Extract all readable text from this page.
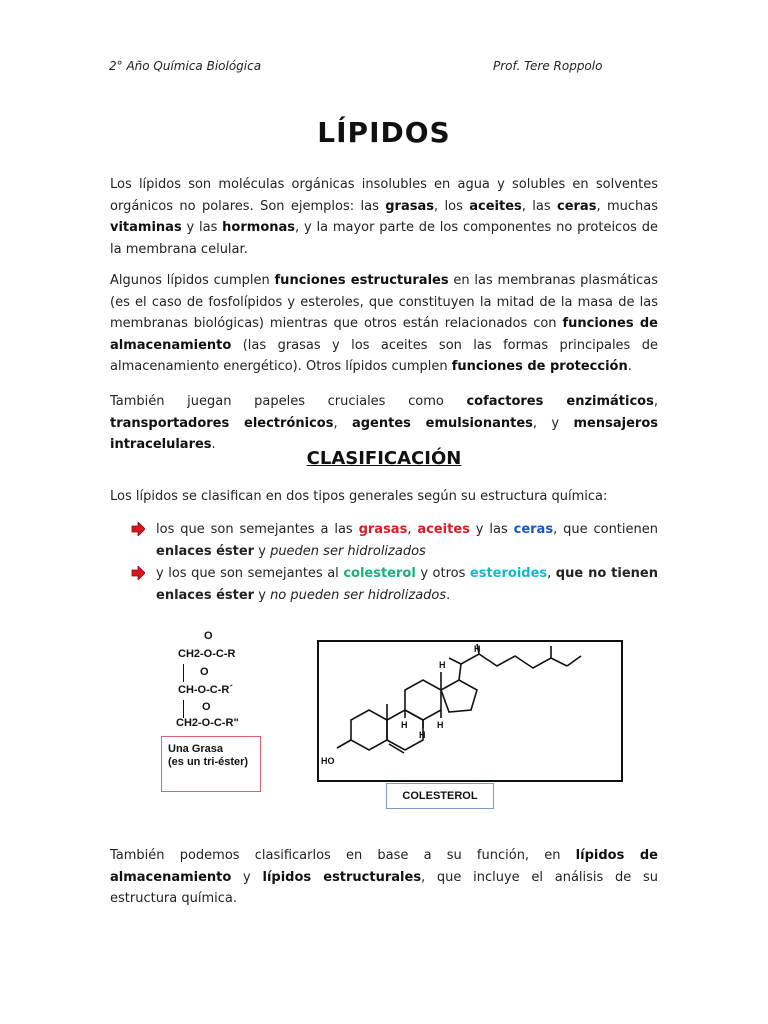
2° Año Química Biológica	Prof. Tere Roppolo
LÍPIDOS
Los lípidos son moléculas orgánicas insolubles en agua y solubles en solventes orgánicos no polares. Son ejemplos: las grasas, los aceites, las ceras, muchas vitaminas y las hormonas, y la mayor parte de los componentes no proteicos de la membrana celular.
Algunos lípidos cumplen funciones estructurales en las membranas plasmáticas (es el caso de fosfolípidos y esteroles, que constituyen la mitad de la masa de las membranas biológicas) mientras que otros están relacionados con funciones de almacenamiento (las grasas y los aceites son las formas principales de almacenamiento energético). Otros lípidos cumplen funciones de protección.
También juegan papeles cruciales como cofactores enzimáticos, transportadores electrónicos, agentes emulsionantes, y mensajeros intracelulares.
CLASIFICACIÓN
Los lípidos se clasifican en dos tipos generales según su estructura química:
los que son semejantes a las grasas, aceites y las ceras, que contienen enlaces éster y pueden ser hidrolizados
y los que son semejantes al colesterol y otros esteroides, que no tienen enlaces éster y no pueden ser hidrolizados.
O
CH2-O-C-R
O
CH-O-C-R´
O
CH2-O-C-R"
Una Grasa
(es un tri-éster)	HO
H
H	H
H
H
COLESTEROL
También podemos clasificarlos en base a su función, en lípidos de almacenamiento y lípidos estructurales, que incluye el análisis de su estructura química.
